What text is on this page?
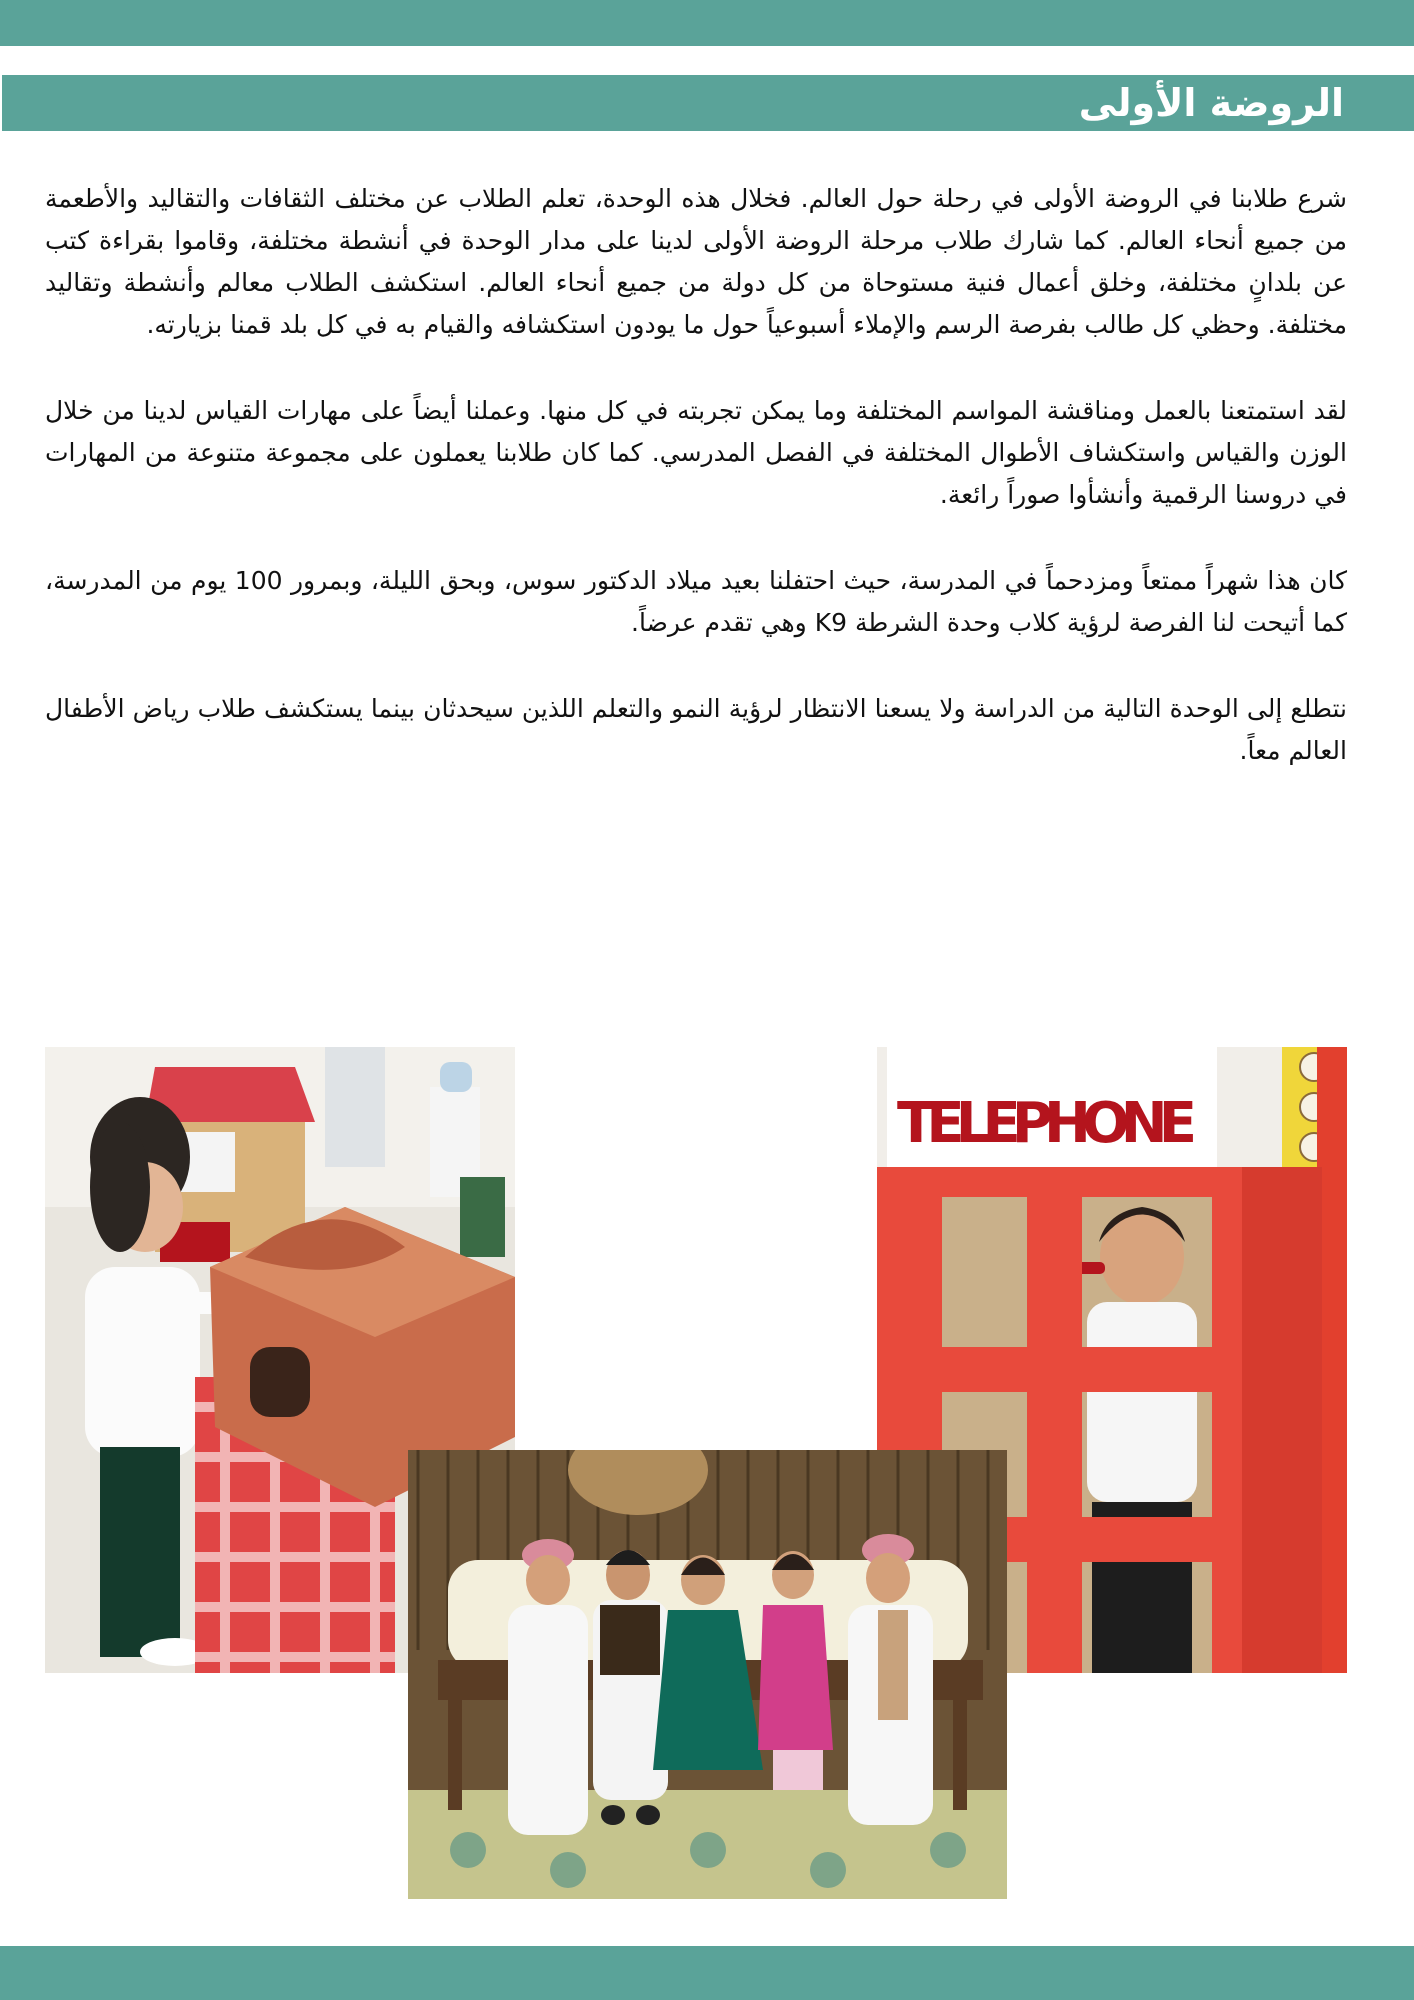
الروضة الأولى

شرع طلابنا في الروضة الأولى في رحلة حول العالم. فخلال هذه الوحدة، تعلم الطلاب عن مختلف الثقافات والتقاليد والأطعمة من جميع أنحاء العالم. كما شارك طلاب مرحلة الروضة الأولى لدينا على مدار الوحدة في أنشطة مختلفة، وقاموا بقراءة كتب عن بلدانٍ مختلفة، وخلق أعمال فنية مستوحاة من كل دولة من جميع أنحاء العالم. استكشف الطلاب معالم وأنشطة وتقاليد مختلفة. وحظي كل طالب بفرصة الرسم والإملاء أسبوعياً حول ما يودون استكشافه والقيام به في كل بلد قمنا بزيارته.

لقد استمتعنا بالعمل ومناقشة المواسم المختلفة وما يمكن تجربته في كل منها. وعملنا أيضاً على مهارات القياس لدينا من خلال الوزن والقياس واستكشاف الأطوال المختلفة في الفصل المدرسي. كما كان طلابنا يعملون على مجموعة متنوعة من المهارات في دروسنا الرقمية وأنشأوا صوراً رائعة.

كان هذا شهراً ممتعاً ومزدحماً في المدرسة، حيث احتفلنا بعيد ميلاد الدكتور سوس، وبحق الليلة، وبمرور 100 يوم من المدرسة، كما أتيحت لنا الفرصة لرؤية كلاب وحدة الشرطة K9 وهي تقدم عرضاً.

نتطلع إلى الوحدة التالية من الدراسة ولا يسعنا الانتظار لرؤية النمو والتعلم اللذين سيحدثان بينما يستكشف طلاب رياض الأطفال العالم معاً.

TELEPHONE
